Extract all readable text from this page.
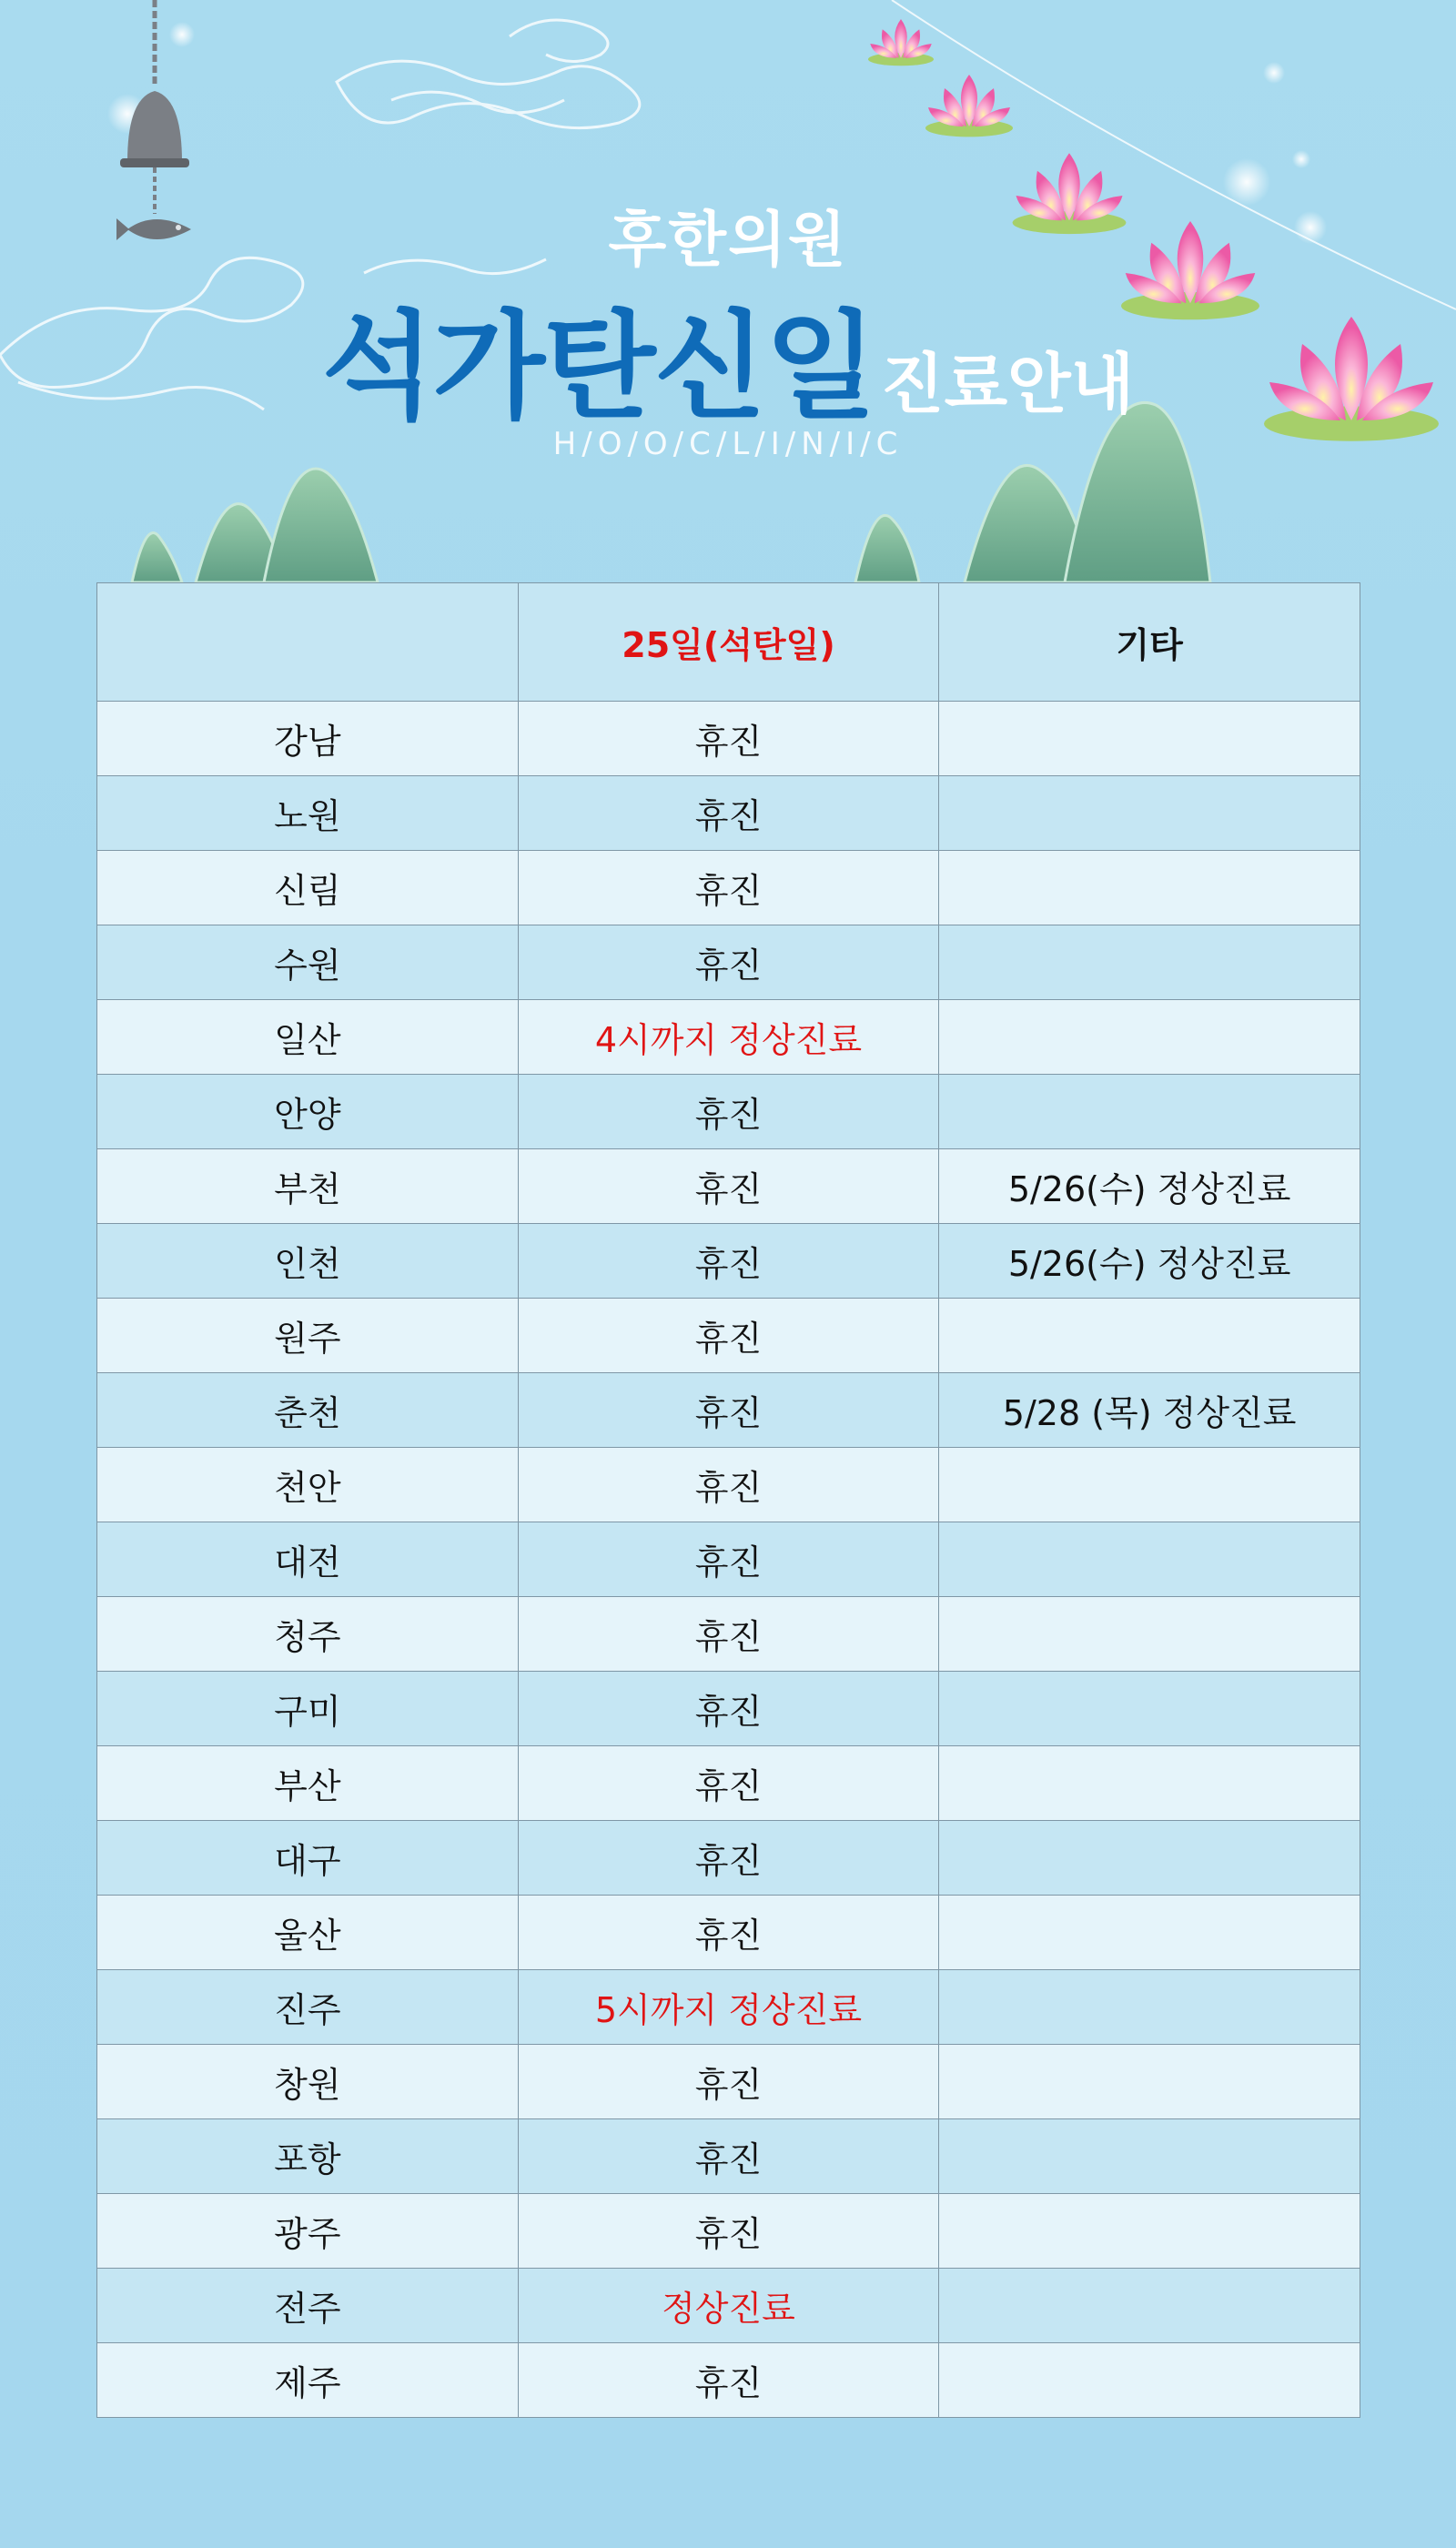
후한의원
석가탄신일진료안내
H/O/O/C/L/I/N/I/C
	25일(석탄일)	기타
강남	휴진	
노원	휴진	
신림	휴진	
수원	휴진	
일산	4시까지 정상진료	
안양	휴진	
부천	휴진	5/26(수) 정상진료
인천	휴진	5/26(수) 정상진료
원주	휴진	
춘천	휴진	5/28 (목) 정상진료
천안	휴진	
대전	휴진	
청주	휴진	
구미	휴진	
부산	휴진	
대구	휴진	
울산	휴진	
진주	5시까지 정상진료	
창원	휴진	
포항	휴진	
광주	휴진	
전주	정상진료	
제주	휴진	
